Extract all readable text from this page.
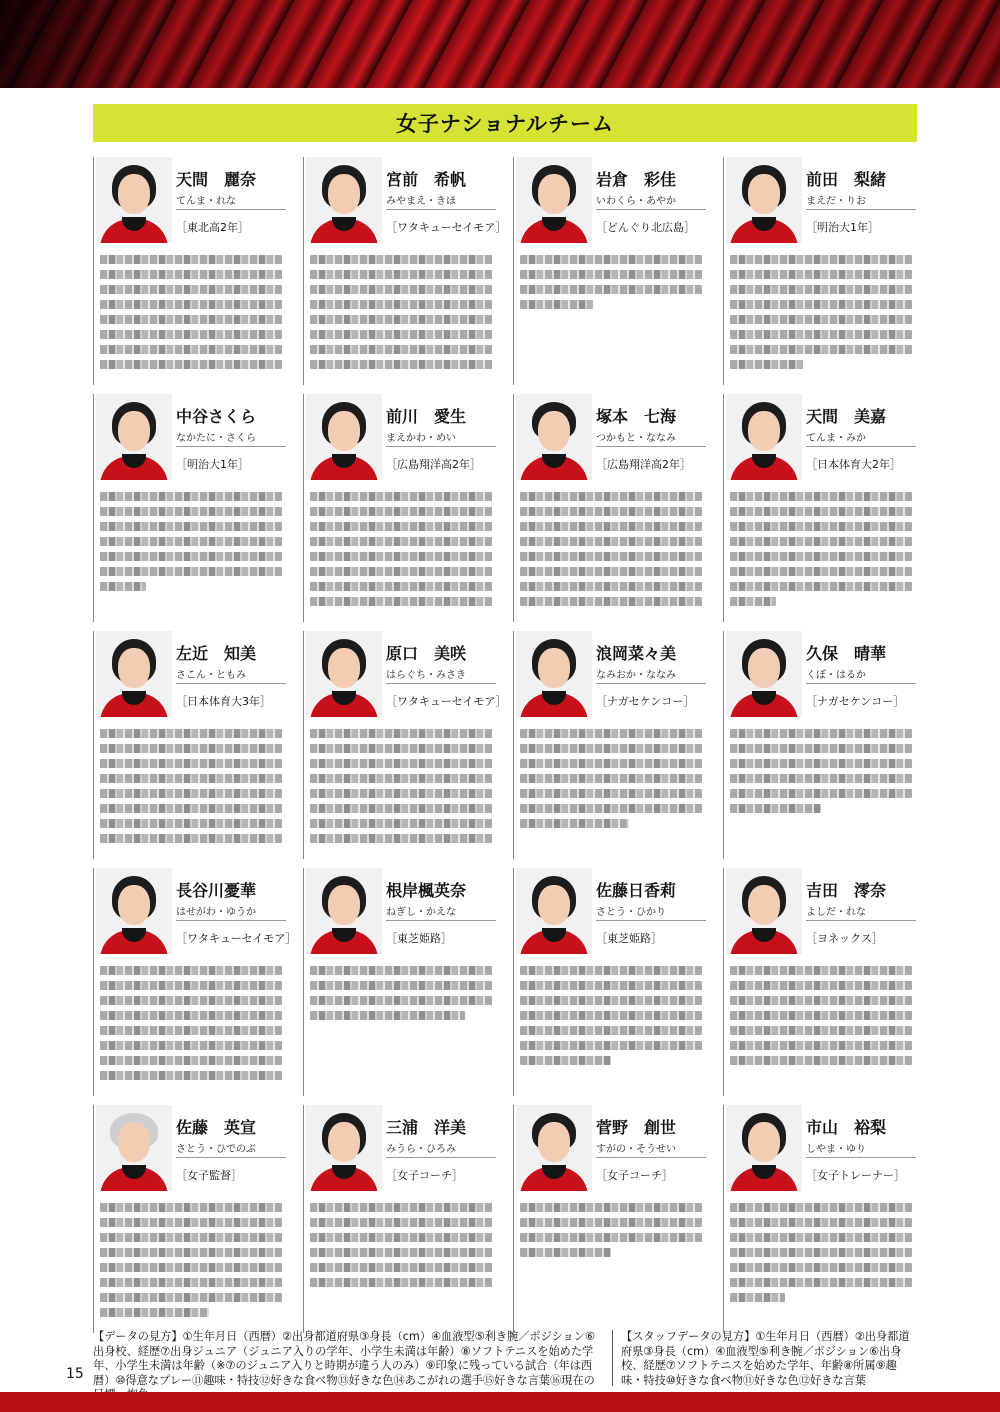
女子ナショナルチーム
天間　麗奈
てんま・れな
［東北高2年］
宮前　希帆
みやまえ・きほ
［ワタキューセイモア］
岩倉　彩佳
いわくら・あやか
［どんぐり北広島］
前田　梨緒
まえだ・りお
［明治大1年］
中谷さくら
なかたに・さくら
［明治大1年］
前川　愛生
まえかわ・めい
［広島翔洋高2年］
塚本　七海
つかもと・ななみ
［広島翔洋高2年］
天間　美嘉
てんま・みか
［日本体育大2年］
左近　知美
さこん・ともみ
［日本体育大3年］
原口　美咲
はらぐち・みさき
［ワタキューセイモア］
浪岡菜々美
なみおか・ななみ
［ナガセケンコー］
久保　晴華
くぼ・はるか
［ナガセケンコー］
長谷川憂華
はせがわ・ゆうか
［ワタキューセイモア］
根岸楓英奈
ねぎし・かえな
［東芝姫路］
佐藤日香莉
さとう・ひかり
［東芝姫路］
吉田　澪奈
よしだ・れな
［ヨネックス］
佐藤　英宣
さとう・ひでのぶ
［女子監督］
三浦　洋美
みうら・ひろみ
［女子コーチ］
菅野　創世
すがの・そうせい
［女子コーチ］
市山　裕梨
しやま・ゆり
［女子トレーナー］
【データの見方】①生年月日（西暦）②出身都道府県③身長（cm）④血液型⑤利き腕／ポジション⑥出身校、経歴⑦出身ジュニア（ジュニア入りの学年、小学生未満は年齢）⑧ソフトテニスを始めた学年、小学生未満は年齢（※⑦のジュニア入りと時期が違う人のみ）⑨印象に残っている試合（年は西暦）⑩得意なプレー⑪趣味・特技⑫好きな食べ物⑬好きな色⑭あこがれの選手⑮好きな言葉⑯現在の
【スタッフデータの見方】①生年月日（西暦）②出身都道府県③身長（cm）④血液型⑤利き腕／ポジション⑥出身校、経歴⑦ソフトテニスを始めた学年、年齢⑧所属⑨趣味・特技⑩好きな食べ物⑪好きな色⑫好きな言葉
15
